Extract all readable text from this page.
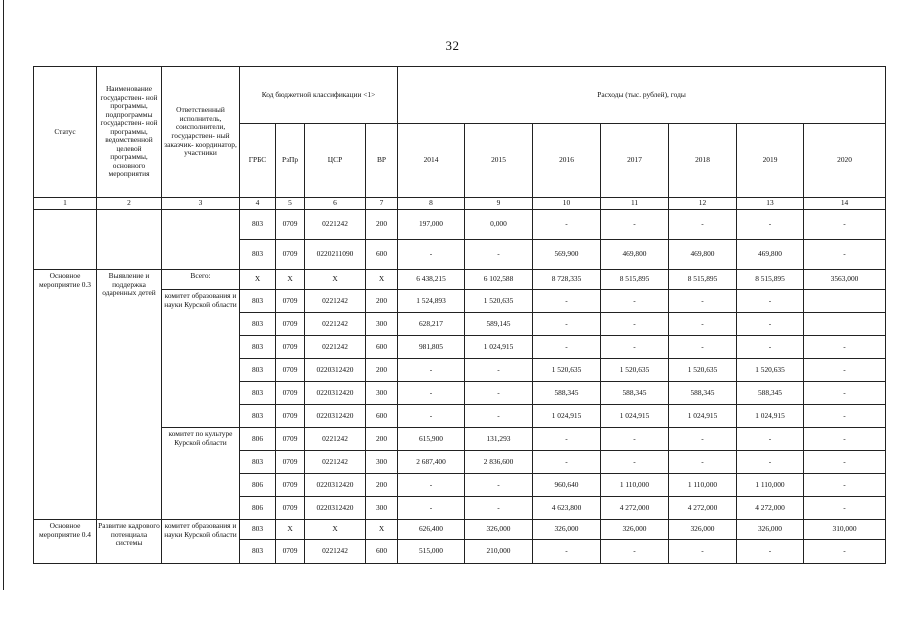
32
Статус	Наименование государствен- ной программы, подпрограммы государствен- ной программы, ведомственной целевой программы, основного мероприятия	Ответственный исполнитель, соисполнители, государствен- ный заказчик- координатор, участники	Код бюджетной классификации <1>				Расходы (тыс. рублей), годы						
			ГРБС	РзПр	ЦСР	ВР	2014	2015	2016	2017	2018	2019	2020
1	2	3	4	5	6	7	8	9	10	11	12	13	14
			803	0709	0221242	200	197,000	0,000	-	-	-	-	-
			803	0709	0220211090	600	-	-	569,900	469,800	469,800	469,800	-
Основное мероприятие 0.3	Выявление и поддержка одаренных детей	Всего:	X	X	X	X	6 438,215	6 102,588	8 728,335	8 515,895	8 515,895	8 515,895	3563,000
		комитет образования и науки Курской области	803	0709	0221242	200	1 524,893	1 520,635	-	-	-	-	
			803	0709	0221242	300	628,217	589,145	-	-	-	-	
			803	0709	0221242	600	981,805	1 024,915	-	-	-	-	-
			803	0709	0220312420	200	-	-	1 520,635	1 520,635	1 520,635	1 520,635	-
			803	0709	0220312420	300	-	-	588,345	588,345	588,345	588,345	-
			803	0709	0220312420	600	-	-	1 024,915	1 024,915	1 024,915	1 024,915	-
		комитет по культуре Курской области	806	0709	0221242	200	615,900	131,293	-	-	-	-	-
			803	0709	0221242	300	2 687,400	2 836,600	-	-	-	-	-
			806	0709	0220312420	200	-	-	960,640	1 110,000	1 110,000	1 110,000	-
			806	0709	0220312420	300	-	-	4 623,800	4 272,000	4 272,000	4 272,000	-
Основное мероприятие 0.4	Развитие кадрового потенциала системы	комитет образования и науки Курской области	803	X	X	X	626,400	326,000	326,000	326,000	326,000	326,000	310,000
			803	0709	0221242	600	515,000	210,000	-	-	-	-	-
